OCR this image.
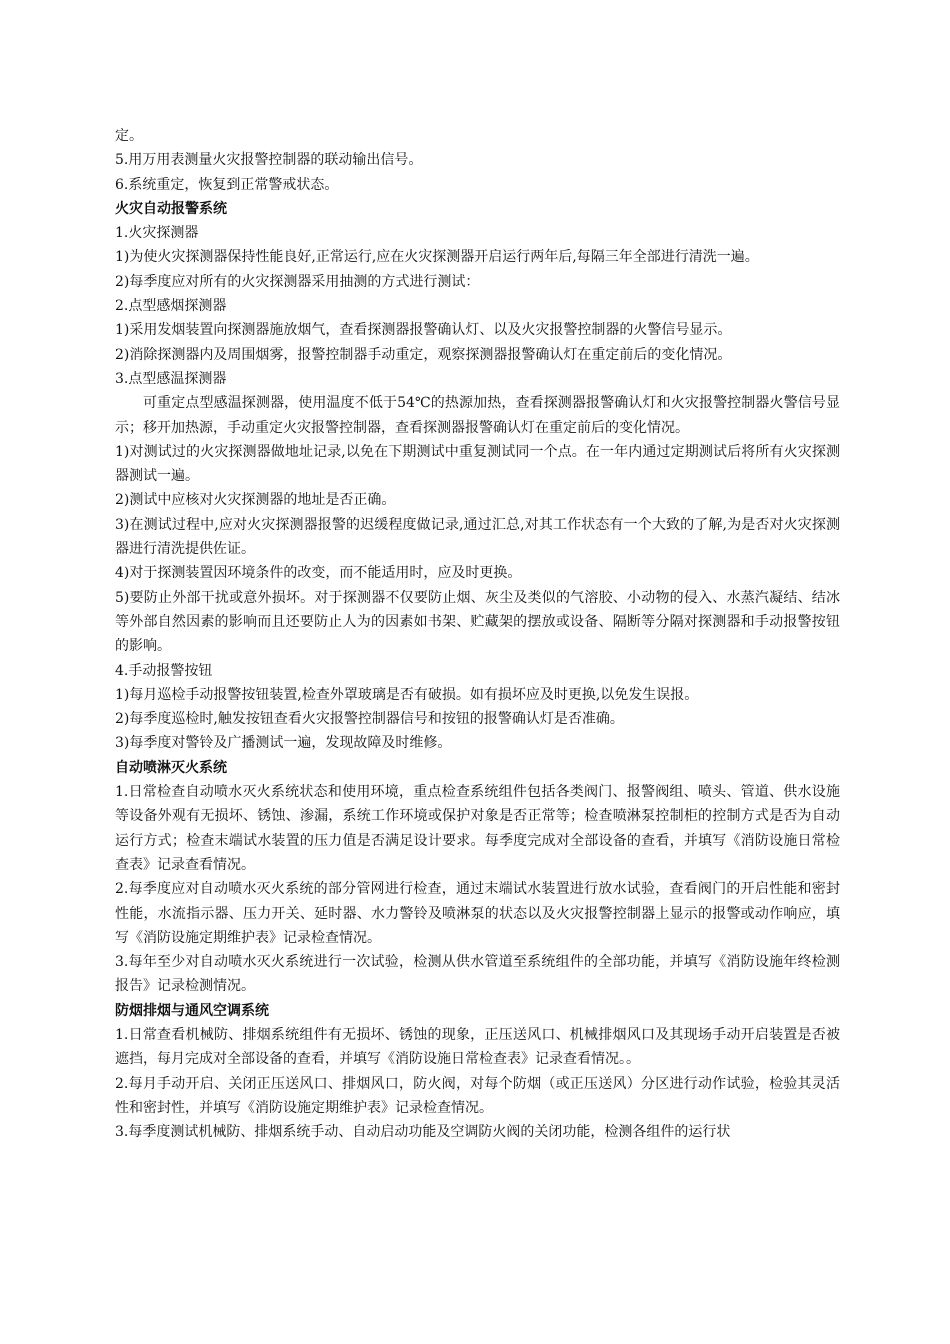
定。

5.用万用表测量火灾报警控制器的联动输出信号。

6.系统重定，恢复到正常警戒状态。

火灾自动报警系统

1.火灾探测器

1)为使火灾探测器保持性能良好,正常运行,应在火灾探测器开启运行两年后,每隔三年全部进行清洗一遍。

2)每季度应对所有的火灾探测器采用抽测的方式进行测试：

2.点型感烟探测器

1)采用发烟装置向探测器施放烟气，查看探测器报警确认灯、以及火灾报警控制器的火警信号显示。

2)消除探测器内及周围烟雾，报警控制器手动重定，观察探测器报警确认灯在重定前后的变化情况。

3.点型感温探测器

可重定点型感温探测器，使用温度不低于54℃的热源加热，查看探测器报警确认灯和火灾报警控制器火警信号显示；移开加热源，手动重定火灾报警控制器，查看探测器报警确认灯在重定前后的变化情况。

1)对测试过的火灾探测器做地址记录,以免在下期测试中重复测试同一个点。在一年内通过定期测试后将所有火灾探测器测试一遍。

2)测试中应核对火灾探测器的地址是否正确。

3)在测试过程中,应对火灾探测器报警的迟缓程度做记录,通过汇总,对其工作状态有一个大致的了解,为是否对火灾探测器进行清洗提供佐证。

4)对于探测装置因环境条件的改变，而不能适用时，应及时更换。

5)要防止外部干扰或意外损坏。对于探测器不仅要防止烟、灰尘及类似的气溶胶、小动物的侵入、水蒸汽凝结、结冰等外部自然因素的影响而且还要防止人为的因素如书架、贮藏架的摆放或设备、隔断等分隔对探测器和手动报警按钮的影响。

4.手动报警按钮

1)每月巡检手动报警按钮装置,检查外罩玻璃是否有破损。如有损坏应及时更换,以免发生误报。

2)每季度巡检时,触发按钮查看火灾报警控制器信号和按钮的报警确认灯是否准确。

3)每季度对警铃及广播测试一遍，发现故障及时维修。

自动喷淋灭火系统

1.日常检查自动喷水灭火系统状态和使用环境，重点检查系统组件包括各类阀门、报警阀组、喷头、管道、供水设施等设备外观有无损坏、锈蚀、渗漏，系统工作环境或保护对象是否正常等；检查喷淋泵控制柜的控制方式是否为自动运行方式；检查末端试水装置的压力值是否满足设计要求。每季度完成对全部设备的查看，并填写《消防设施日常检查表》记录查看情况。

2.每季度应对自动喷水灭火系统的部分管网进行检查，通过末端试水装置进行放水试验，查看阀门的开启性能和密封性能，水流指示器、压力开关、延时器、水力警铃及喷淋泵的状态以及火灾报警控制器上显示的报警或动作响应，填写《消防设施定期维护表》记录检查情况。

3.每年至少对自动喷水灭火系统进行一次试验，检测从供水管道至系统组件的全部功能，并填写《消防设施年终检测报告》记录检测情况。

防烟排烟与通风空调系统

1.日常查看机械防、排烟系统组件有无损坏、锈蚀的现象，正压送风口、机械排烟风口及其现场手动开启装置是否被遮挡，每月完成对全部设备的查看，并填写《消防设施日常检查表》记录查看情况。。

2.每月手动开启、关闭正压送风口、排烟风口，防火阀，对每个防烟（或正压送风）分区进行动作试验，检验其灵活性和密封性，并填写《消防设施定期维护表》记录检查情况。

3.每季度测试机械防、排烟系统手动、自动启动功能及空调防火阀的关闭功能，检测各组件的运行状
